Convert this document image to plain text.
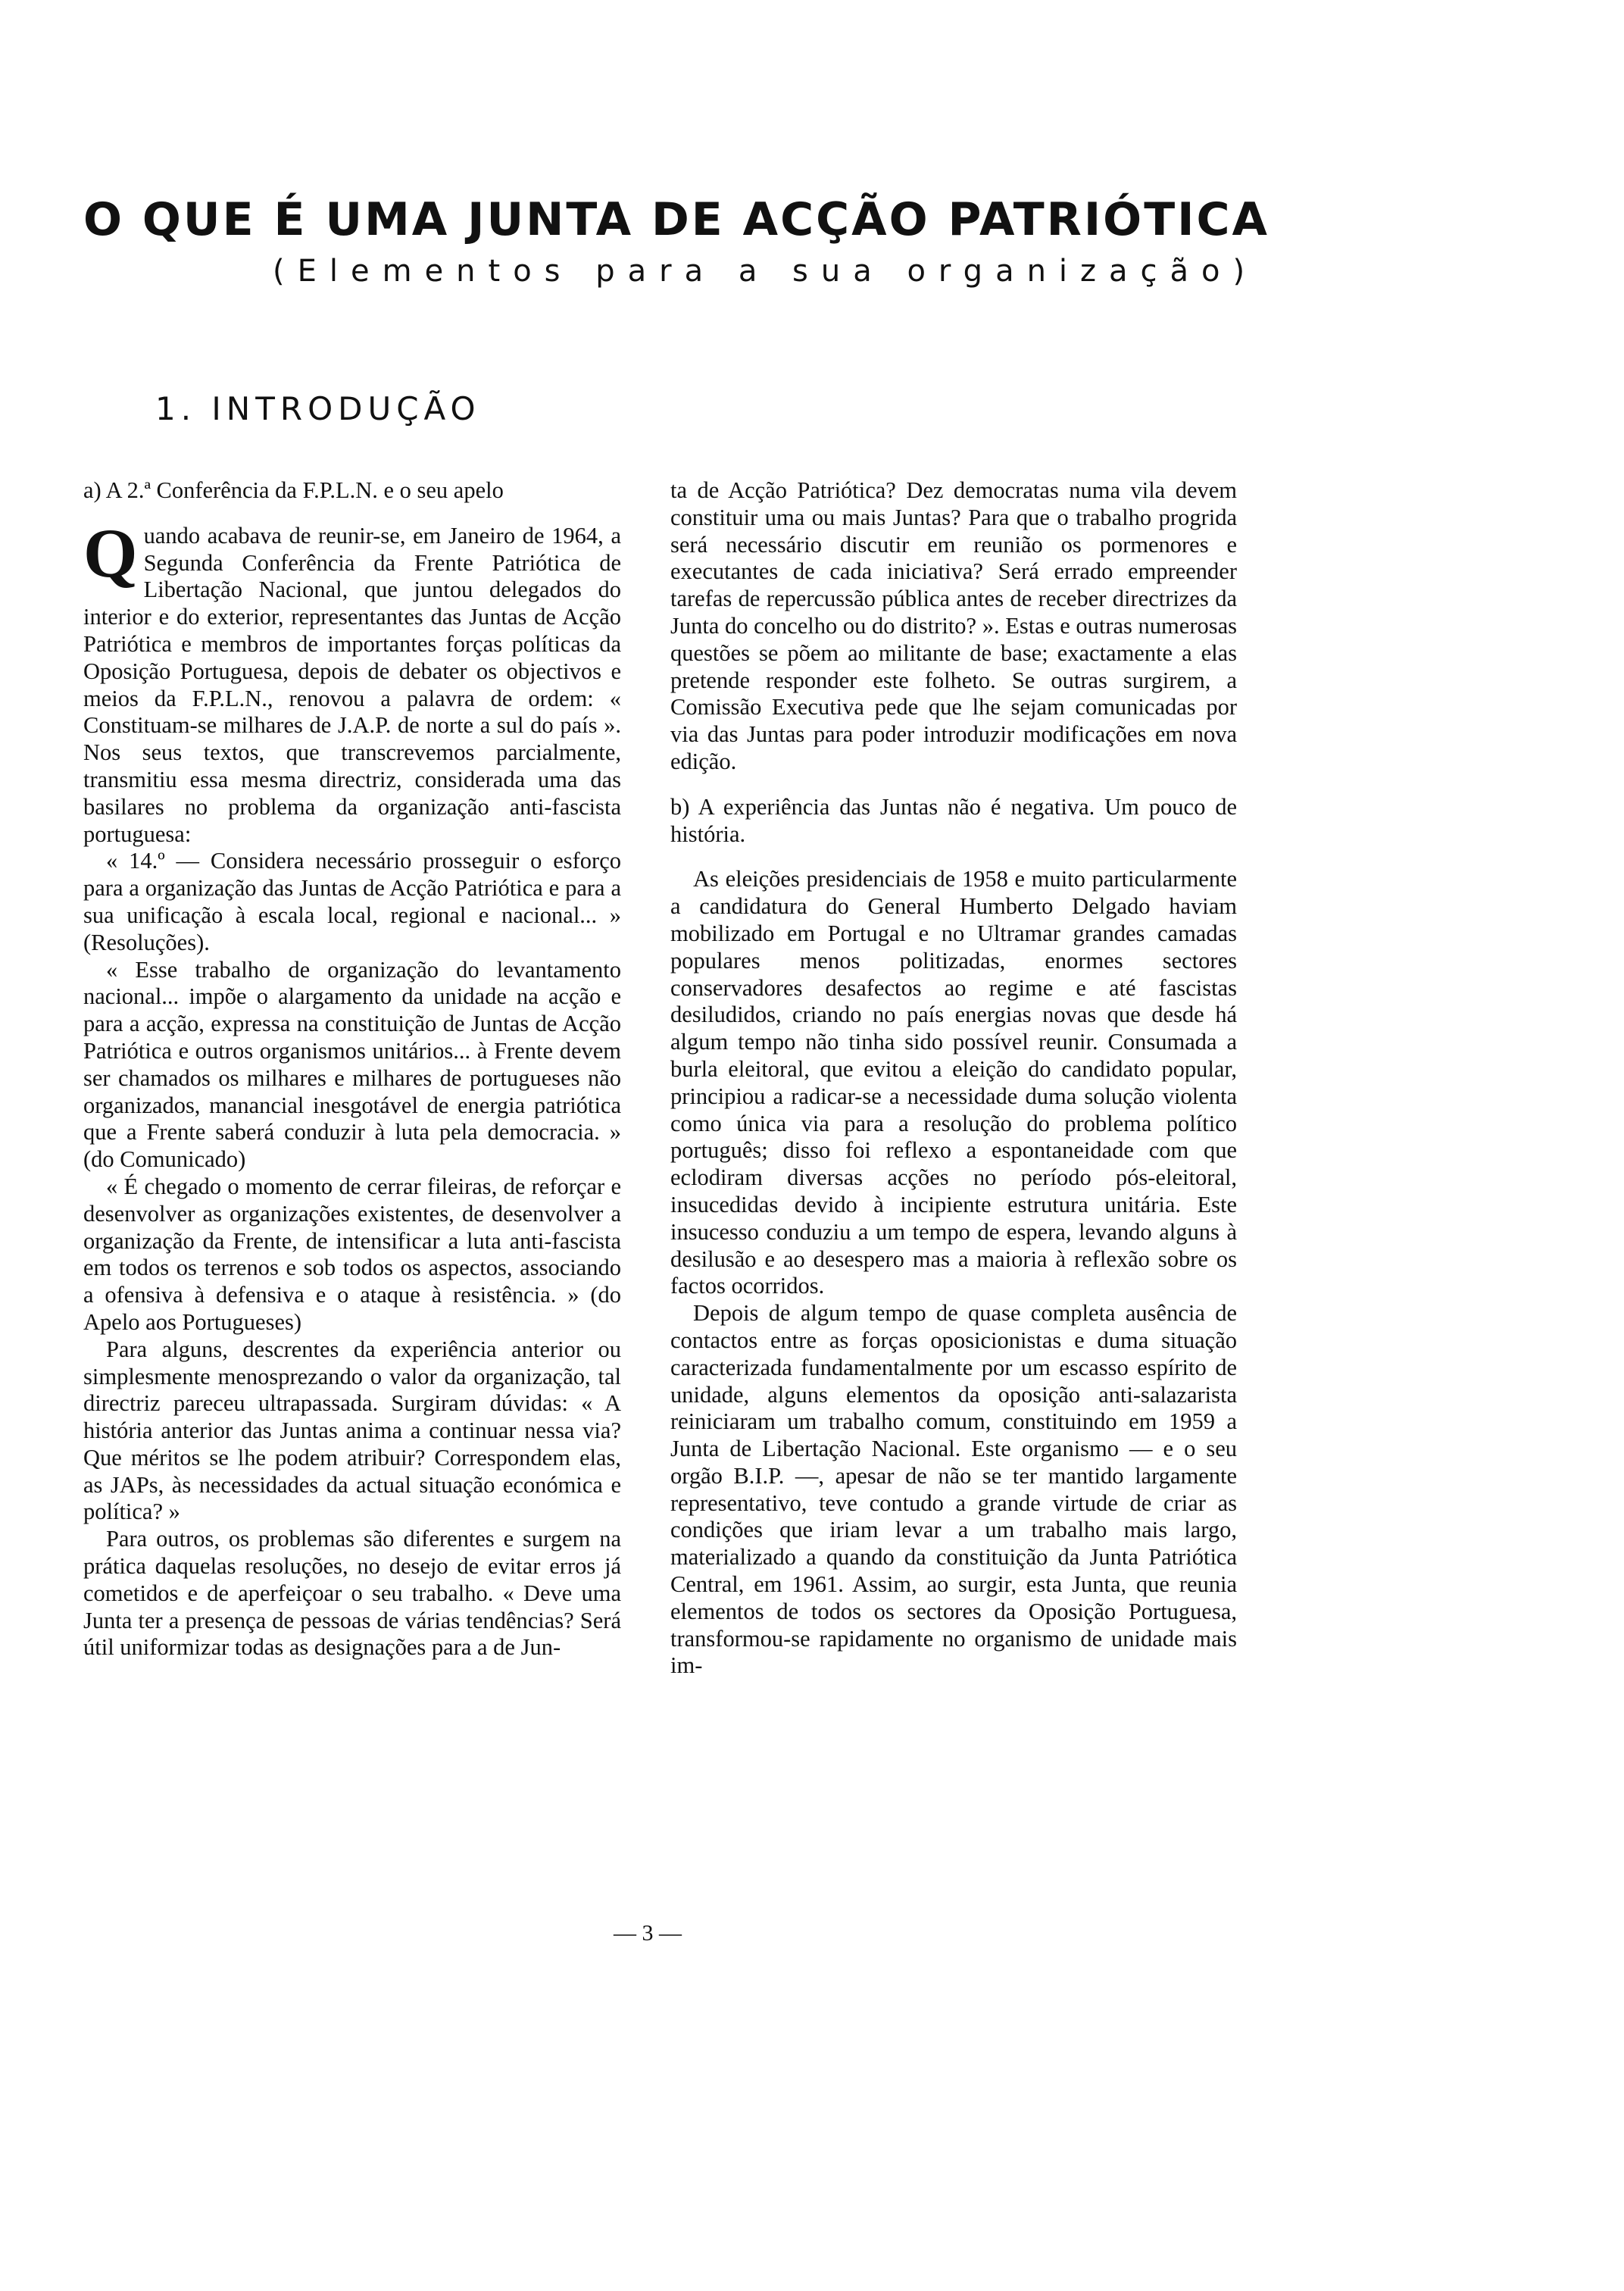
O QUE É UMA JUNTA DE ACÇÃO PATRIÓTICA
(Elementos para a sua organização)
1. INTRODUÇÃO

a) A 2.ª Conferência da F.P.L.N. e o seu apelo

Quando acabava de reunir-se, em Janeiro de 1964, a Segunda Conferência da Frente Patriótica de Libertação Nacional, que juntou delegados do interior e do exterior, representantes das Juntas de Acção Patriótica e membros de importantes forças políticas da Oposição Portuguesa, depois de debater os objectivos e meios da F.P.L.N., renovou a palavra de ordem: « Constituam-se milhares de J.A.P. de norte a sul do país ». Nos seus textos, que transcrevemos parcialmente, transmitiu essa mesma directriz, considerada uma das basilares no problema da organização anti-fascista portuguesa:

« 14.º — Considera necessário prosseguir o esforço para a organização das Juntas de Acção Patriótica e para a sua unificação à escala local, regional e nacional... » (Resoluções).

« Esse trabalho de organização do levantamento nacional... impõe o alargamento da unidade na acção e para a acção, expressa na constituição de Juntas de Acção Patriótica e outros organismos unitários... à Frente devem ser chamados os milhares e milhares de portugueses não organizados, manancial inesgotável de energia patriótica que a Frente saberá conduzir à luta pela democracia. » (do Comunicado)

« É chegado o momento de cerrar fileiras, de reforçar e desenvolver as organizações existentes, de desenvolver a organização da Frente, de intensificar a luta anti-fascista em todos os terrenos e sob todos os aspectos, associando a ofensiva à defensiva e o ataque à resistência. » (do Apelo aos Portugueses)

Para alguns, descrentes da experiência anterior ou simplesmente menosprezando o valor da organização, tal directriz pareceu ultrapassada. Surgiram dúvidas: « A história anterior das Juntas anima a continuar nessa via? Que méritos se lhe podem atribuir? Correspondem elas, as JAPs, às necessidades da actual situação económica e política? »

Para outros, os problemas são diferentes e surgem na prática daquelas resoluções, no desejo de evitar erros já cometidos e de aperfeiçoar o seu trabalho. « Deve uma Junta ter a presença de pessoas de várias tendências? Será útil uniformizar todas as designações para a de Jun-

ta de Acção Patriótica? Dez democratas numa vila devem constituir uma ou mais Juntas? Para que o trabalho progrida será necessário discutir em reunião os pormenores e executantes de cada iniciativa? Será errado empreender tarefas de repercussão pública antes de receber directrizes da Junta do concelho ou do distrito? ». Estas e outras numerosas questões se põem ao militante de base; exactamente a elas pretende responder este folheto. Se outras surgirem, a Comissão Executiva pede que lhe sejam comunicadas por via das Juntas para poder introduzir modificações em nova edição.

b) A experiência das Juntas não é negativa. Um pouco de história.

As eleições presidenciais de 1958 e muito particularmente a candidatura do General Humberto Delgado haviam mobilizado em Portugal e no Ultramar grandes camadas populares menos politizadas, enormes sectores conservadores desafectos ao regime e até fascistas desiludidos, criando no país energias novas que desde há algum tempo não tinha sido possível reunir. Consumada a burla eleitoral, que evitou a eleição do candidato popular, principiou a radicar-se a necessidade duma solução violenta como única via para a resolução do problema político português; disso foi reflexo a espontaneidade com que eclodiram diversas acções no período pós-eleitoral, insucedidas devido à incipiente estrutura unitária. Este insucesso conduziu a um tempo de espera, levando alguns à desilusão e ao desespero mas a maioria à reflexão sobre os factos ocorridos.

Depois de algum tempo de quase completa ausência de contactos entre as forças oposicionistas e duma situação caracterizada fundamentalmente por um escasso espírito de unidade, alguns elementos da oposição anti-salazarista reiniciaram um trabalho comum, constituindo em 1959 a Junta de Libertação Nacional. Este organismo — e o seu orgão B.I.P. —, apesar de não se ter mantido largamente representativo, teve contudo a grande virtude de criar as condições que iriam levar a um trabalho mais largo, materializado a quando da constituição da Junta Patriótica Central, em 1961. Assim, ao surgir, esta Junta, que reunia elementos de todos os sectores da Oposição Portuguesa, transformou-se rapidamente no organismo de unidade mais im-

— 3 —
